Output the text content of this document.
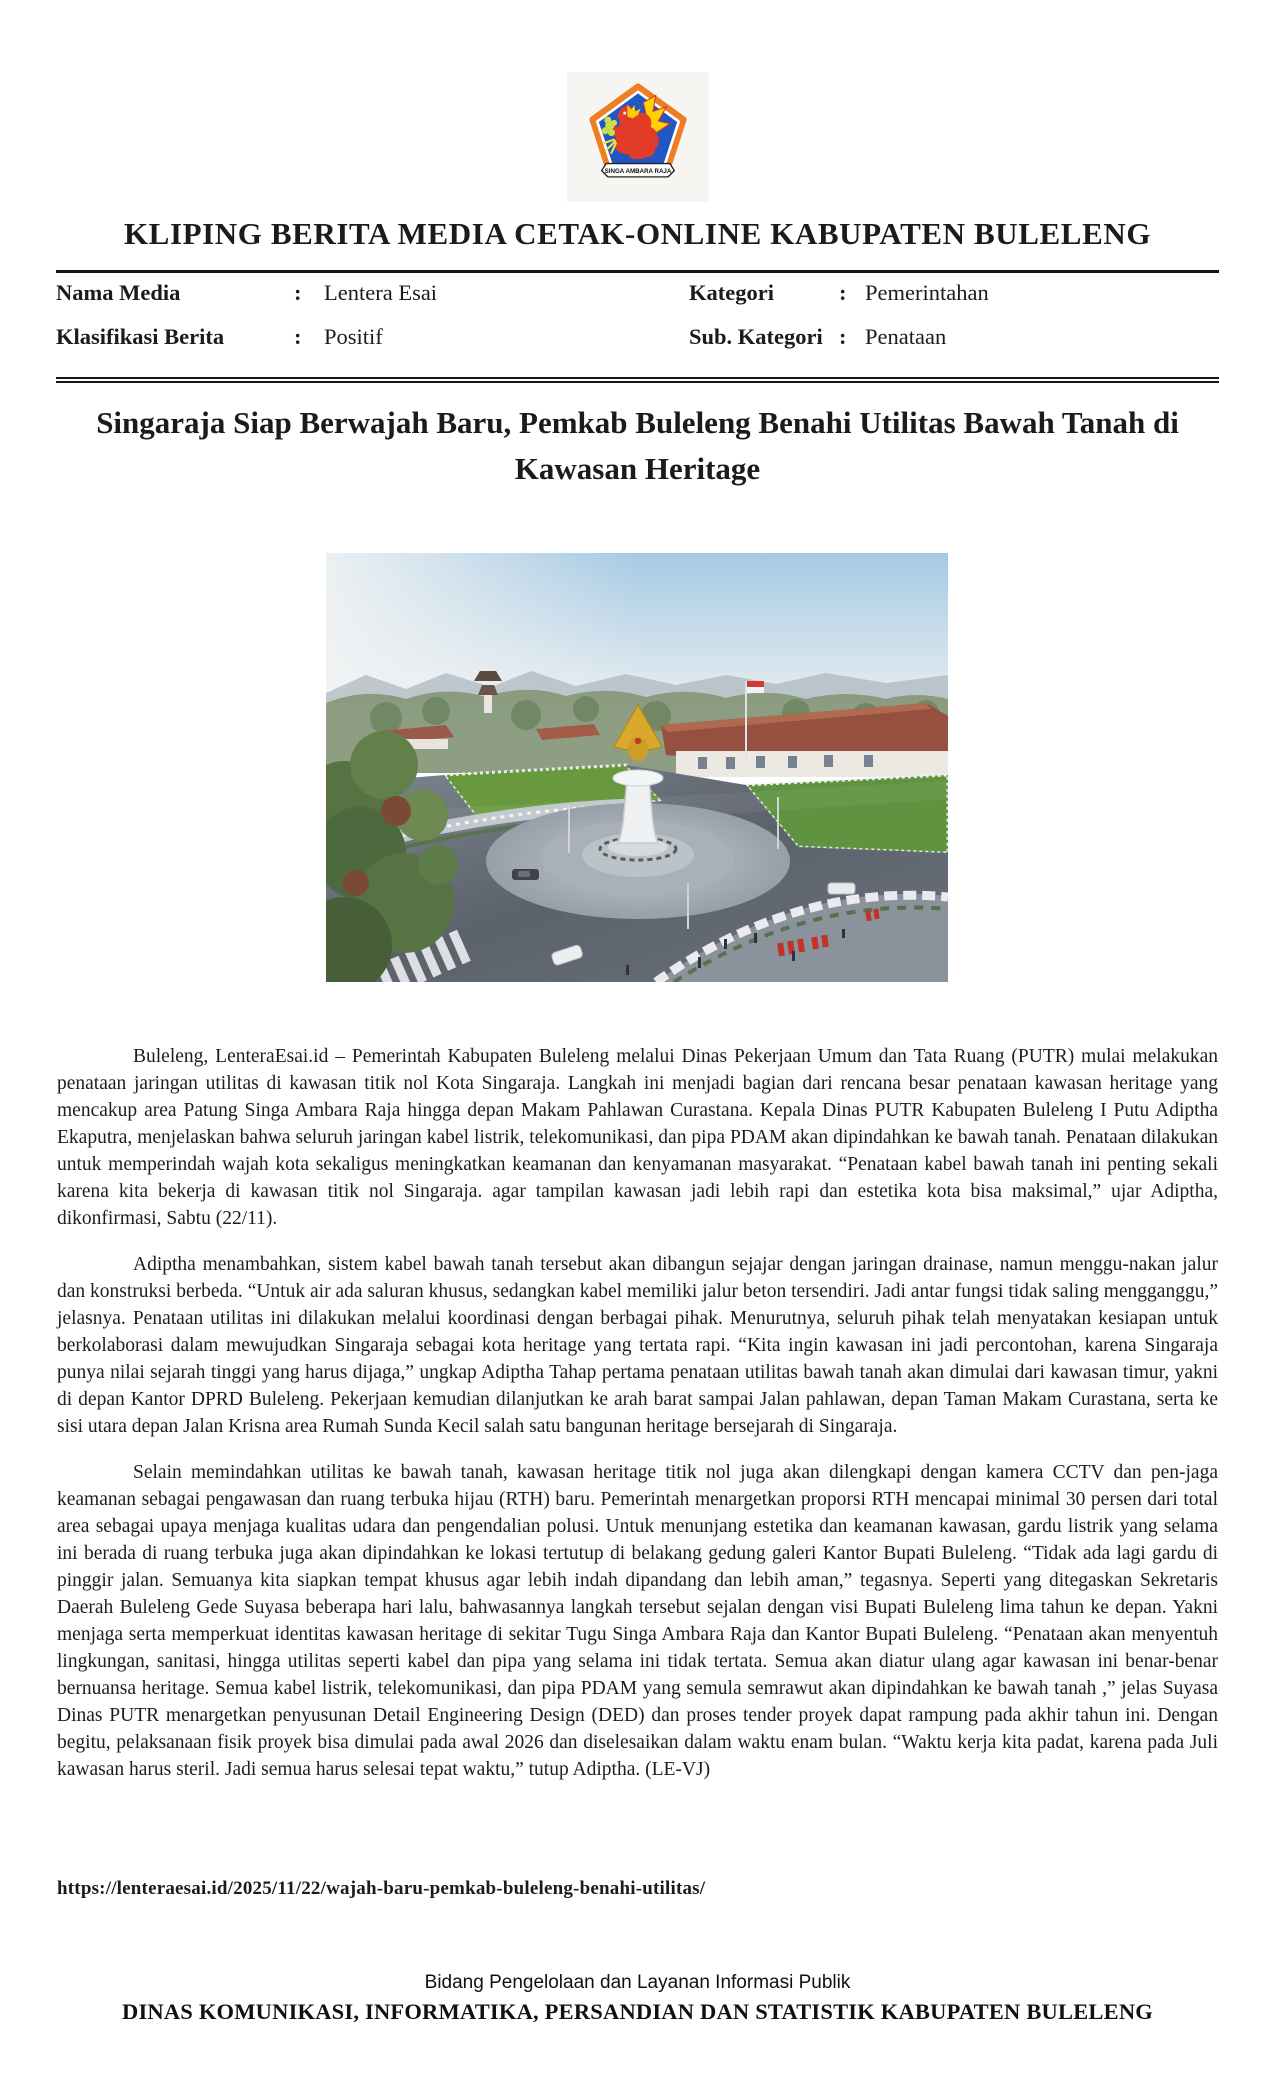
SINGA AMBARA RAJA
KLIPING BERITA MEDIA CETAK-ONLINE KABUPATEN BULELENG
Nama Media	:	Lentera Esai	Kategori	: Pemerintahan
Klasifikasi Berita	:	Positif	Sub. Kategori : Penataan
Singaraja Siap Berwajah Baru, Pemkab Buleleng Benahi Utilitas Bawah Tanah di Kawasan Heritage

Buleleng, LenteraEsai.id – Pemerintah Kabupaten Buleleng melalui Dinas Pekerjaan Umum dan Tata Ruang (PUTR) mulai melakukan penataan jaringan utilitas di kawasan titik nol Kota Singaraja. Langkah ini menjadi bagian dari rencana besar penataan kawasan heritage yang mencakup area Patung Singa Ambara Raja hingga depan Makam Pahlawan Curastana. Kepala Dinas PUTR Kabupaten Buleleng I Putu Adiptha Ekaputra, menjelaskan bahwa seluruh jaringan kabel listrik, telekomunikasi, dan pipa PDAM akan dipindahkan ke bawah tanah. Penataan dilakukan untuk memperindah wajah kota sekaligus meningkatkan keamanan dan kenyamanan masyarakat. “Penataan kabel bawah tanah ini penting sekali karena kita bekerja di kawasan titik nol Singaraja. agar tampilan kawasan jadi lebih rapi dan estetika kota bisa maksimal,” ujar Adiptha, dikonfirmasi, Sabtu (22/11).

Adiptha menambahkan, sistem kabel bawah tanah tersebut akan dibangun sejajar dengan jaringan drainase, namun menggu-nakan jalur dan konstruksi berbeda. “Untuk air ada saluran khusus, sedangkan kabel memiliki jalur beton tersendiri. Jadi antar fungsi tidak saling mengganggu,” jelasnya. Penataan utilitas ini dilakukan melalui koordinasi dengan berbagai pihak. Menurutnya, seluruh pihak telah menyatakan kesiapan untuk berkolaborasi dalam mewujudkan Singaraja sebagai kota heritage yang tertata rapi. “Kita ingin kawasan ini jadi percontohan, karena Singaraja punya nilai sejarah tinggi yang harus dijaga,” ungkap Adiptha Tahap pertama penataan utilitas bawah tanah akan dimulai dari kawasan timur, yakni di depan Kantor DPRD Buleleng. Pekerjaan kemudian dilanjutkan ke arah barat sampai Jalan pahlawan, depan Taman Makam Curastana, serta ke sisi utara depan Jalan Krisna area Rumah Sunda Kecil salah satu bangunan heritage bersejarah di Singaraja.

Selain memindahkan utilitas ke bawah tanah, kawasan heritage titik nol juga akan dilengkapi dengan kamera CCTV dan pen-jaga keamanan sebagai pengawasan dan ruang terbuka hijau (RTH) baru. Pemerintah menargetkan proporsi RTH mencapai minimal 30 persen dari total area sebagai upaya menjaga kualitas udara dan pengendalian polusi. Untuk menunjang estetika dan keamanan kawasan, gardu listrik yang selama ini berada di ruang terbuka juga akan dipindahkan ke lokasi tertutup di belakang gedung galeri Kantor Bupati Buleleng. “Tidak ada lagi gardu di pinggir jalan. Semuanya kita siapkan tempat khusus agar lebih indah dipandang dan lebih aman,” tegasnya. Seperti yang ditegaskan Sekretaris Daerah Buleleng Gede Suyasa beberapa hari lalu, bahwasannya langkah tersebut sejalan dengan visi Bupati Buleleng lima tahun ke depan. Yakni menjaga serta memperkuat identitas kawasan heritage di sekitar Tugu Singa Ambara Raja dan Kantor Bupati Buleleng. “Penataan akan menyentuh lingkungan, sanitasi, hingga utilitas seperti kabel dan pipa yang selama ini tidak tertata. Semua akan diatur ulang agar kawasan ini benar-benar bernuansa heritage. Semua kabel listrik, telekomunikasi, dan pipa PDAM yang semula semrawut akan dipindahkan ke bawah tanah ,” jelas Suyasa Dinas PUTR menargetkan penyusunan Detail Engineering Design (DED) dan proses tender proyek dapat rampung pada akhir tahun ini. Dengan begitu, pelaksanaan fisik proyek bisa dimulai pada awal 2026 dan diselesaikan dalam waktu enam bulan. “Waktu kerja kita padat, karena pada Juli kawasan harus steril. Jadi semua harus selesai tepat waktu,” tutup Adiptha. (LE-VJ)

https://lenteraesai.id/2025/11/22/wajah-baru-pemkab-buleleng-benahi-utilitas/
Bidang Pengelolaan dan Layanan Informasi Publik
DINAS KOMUNIKASI, INFORMATIKA, PERSANDIAN DAN STATISTIK KABUPATEN BULELENG
